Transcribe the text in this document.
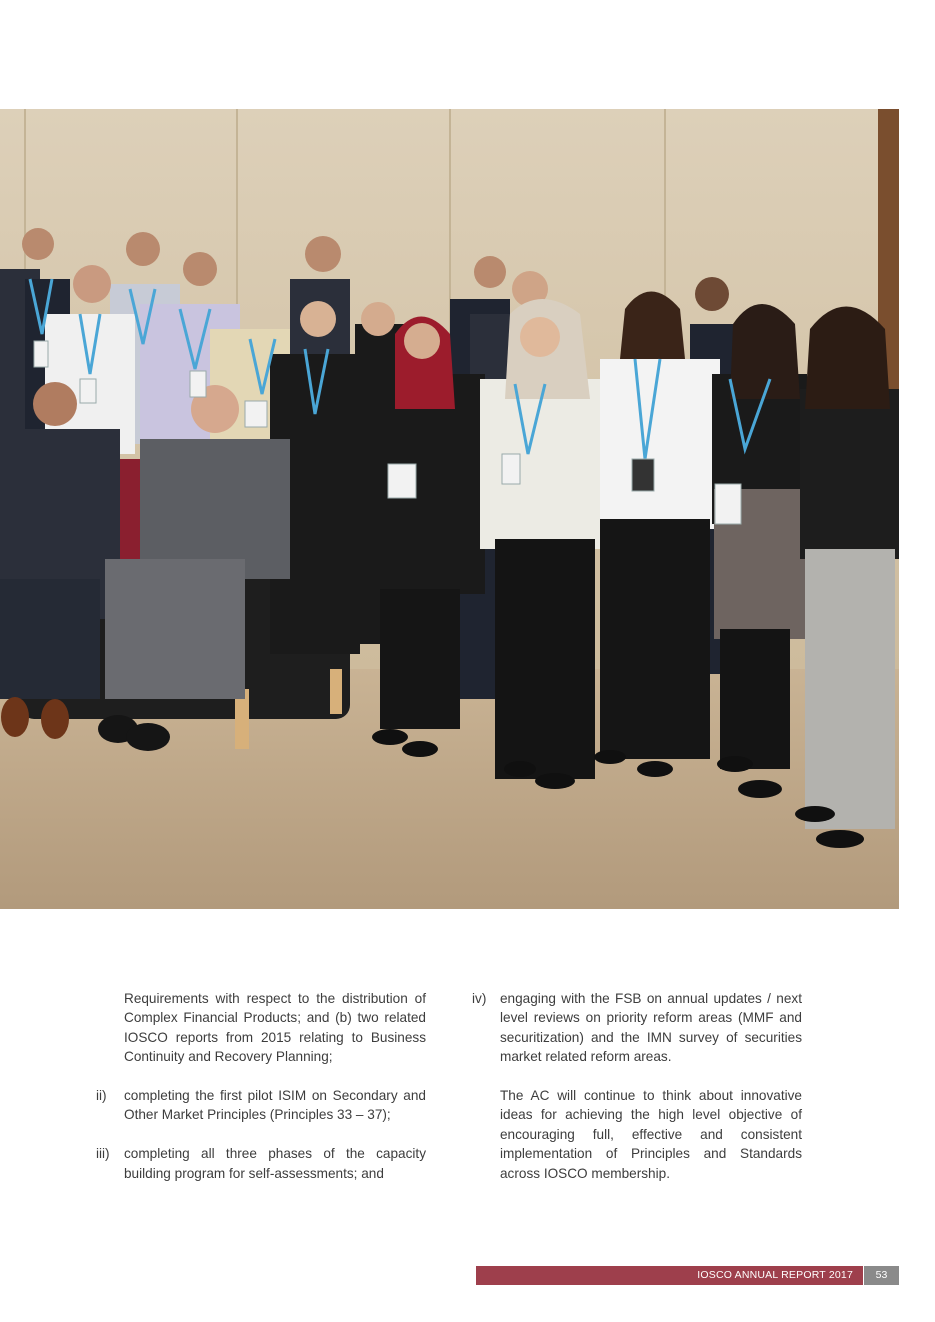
Requirements with respect to the distribution of Complex Financial Products; and (b) two related IOSCO reports from 2015 relating to Business Continuity and Recovery Planning;
ii)	completing the first pilot ISIM on Secondary and Other Market Principles (Principles 33 – 37);
iii)	completing all three phases of the capacity building program for self-assessments; and
iv)	engaging with the FSB on annual updates / next level reviews on priority reform areas (MMF and securitization) and the IMN survey of securities market related reform areas.
The AC will continue to think about innovative ideas for achieving the high level objective of encouraging full, effective and consistent implementation of Principles and Standards across IOSCO membership.
IOSCO ANNUAL REPORT 2017	53
